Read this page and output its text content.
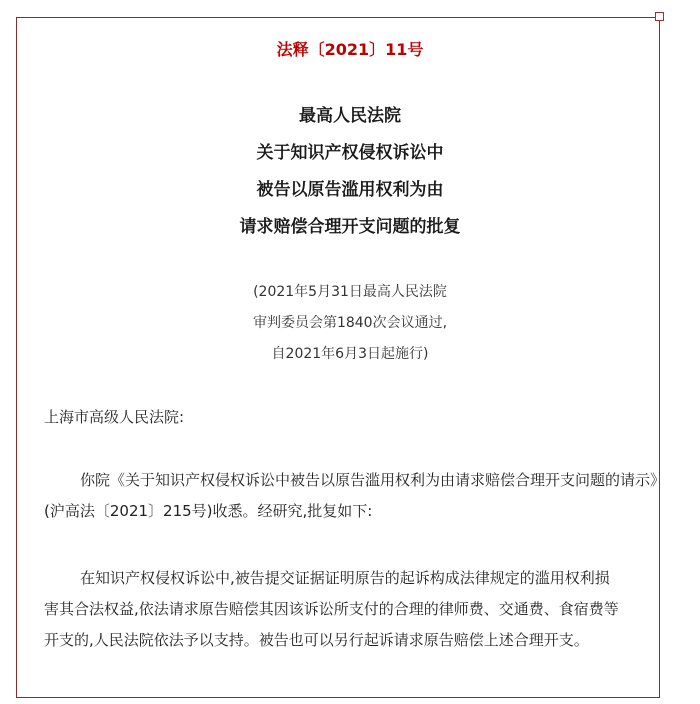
法释〔2021〕11号
最高人民法院
关于知识产权侵权诉讼中
被告以原告滥用权利为由
请求赔偿合理开支问题的批复
(2021年5月31日最高人民法院
审判委员会第1840次会议通过,
自2021年6月3日起施行)
上海市高级人民法院:
你院《关于知识产权侵权诉讼中被告以原告滥用权利为由请求赔偿合理开支问题的请示》(沪高法〔2021〕215号)收悉。经研究,批复如下:
在知识产权侵权诉讼中,被告提交证据证明原告的起诉构成法律规定的滥用权利损
害其合法权益,依法请求原告赔偿其因该诉讼所支付的合理的律师费、交通费、食宿费等
开支的,人民法院依法予以支持。被告也可以另行起诉请求原告赔偿上述合理开支。
